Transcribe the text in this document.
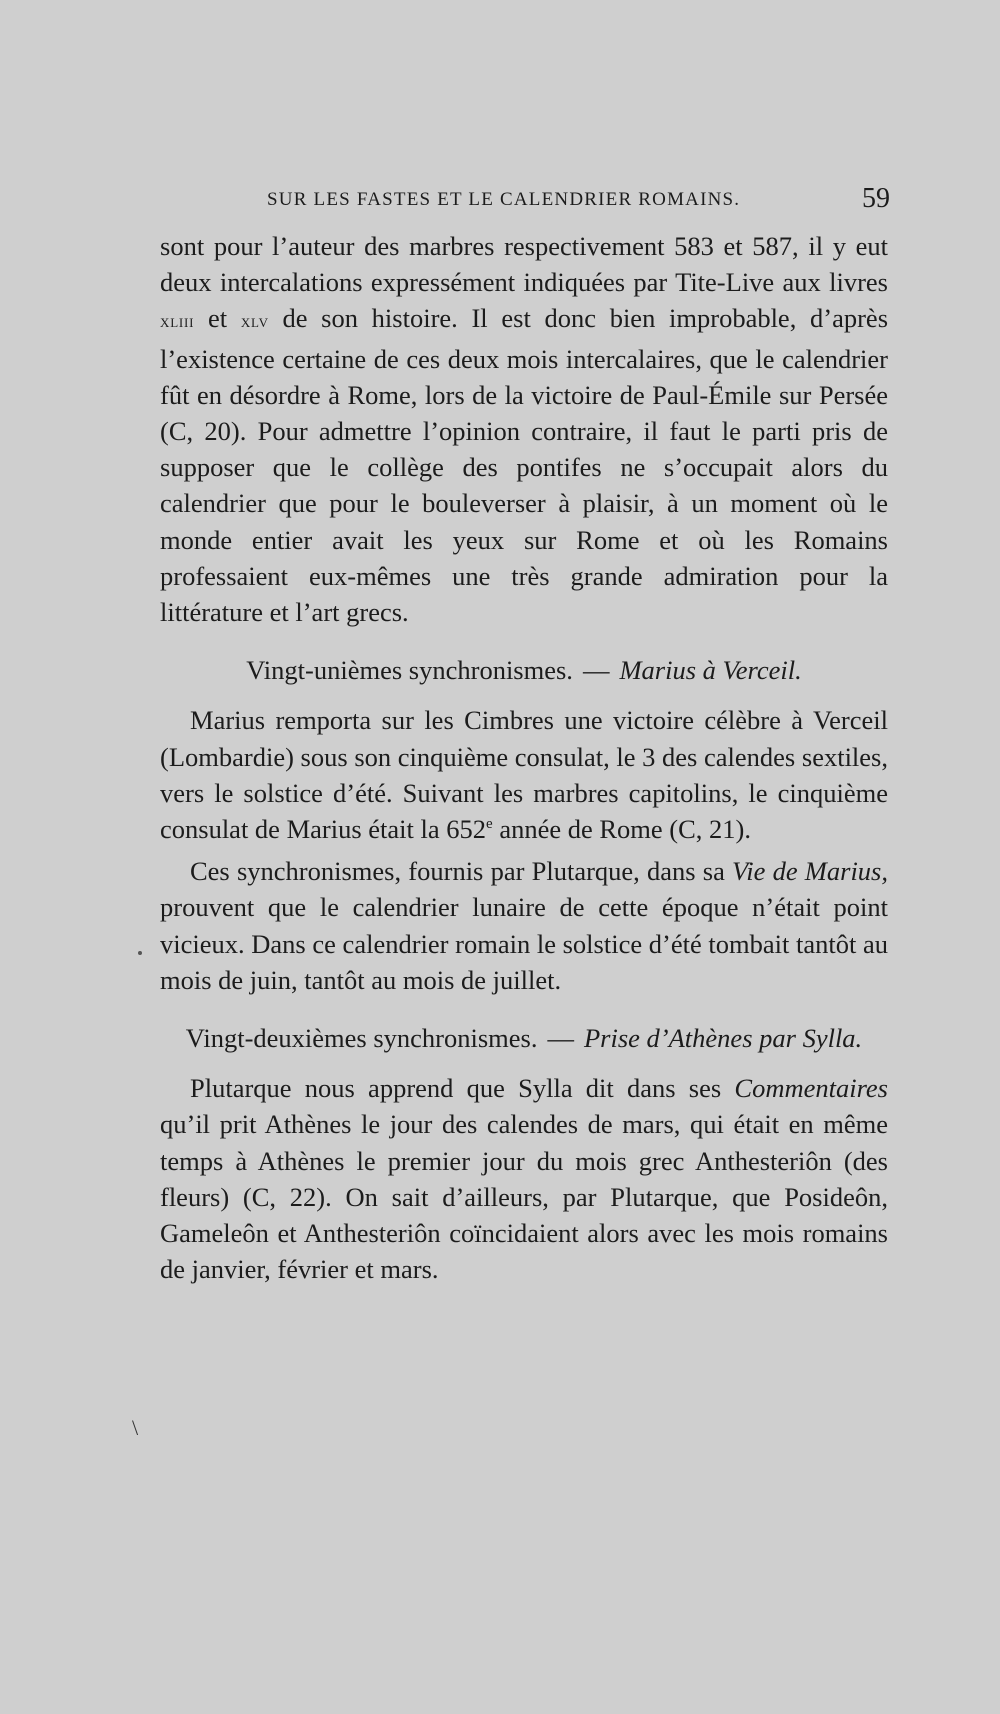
SUR LES FASTES ET LE CALENDRIER ROMAINS.	59

sont pour l’auteur des marbres respectivement 583 et 587, il y eut deux intercalations expressément indiquées par Tite-Live aux livres xliii et xlv de son histoire. Il est donc bien improbable, d’après l’existence certaine de ces deux mois intercalaires, que le calendrier fût en désordre à Rome, lors de la victoire de Paul-Émile sur Persée (C, 20). Pour admettre l’opinion contraire, il faut le parti pris de supposer que le collège des pontifes ne s’occupait alors du calendrier que pour le bouleverser à plaisir, à un moment où le monde entier avait les yeux sur Rome et où les Romains professaient eux-mêmes une très grande admiration pour la littérature et l’art grecs.

Vingt-unièmes synchronismes. — Marius à Verceil.

Marius remporta sur les Cimbres une victoire célèbre à Verceil (Lombardie) sous son cinquième consulat, le 3 des calendes sextiles, vers le solstice d’été. Suivant les marbres capitolins, le cinquième consulat de Marius était la 652e année de Rome (C, 21).

Ces synchronismes, fournis par Plutarque, dans sa Vie de Marius, prouvent que le calendrier lunaire de cette époque n’était point vicieux. Dans ce calendrier romain le solstice d’été tombait tantôt au mois de juin, tantôt au mois de juillet.

Vingt-deuxièmes synchronismes. — Prise d’Athènes par Sylla.

Plutarque nous apprend que Sylla dit dans ses Commentaires qu’il prit Athènes le jour des calendes de mars, qui était en même temps à Athènes le premier jour du mois grec Anthesteriôn (des fleurs) (C, 22). On sait d’ailleurs, par Plutarque, que Posideôn, Gameleôn et Anthesteriôn coïncidaient alors avec les mois romains de janvier, février et mars.

\
